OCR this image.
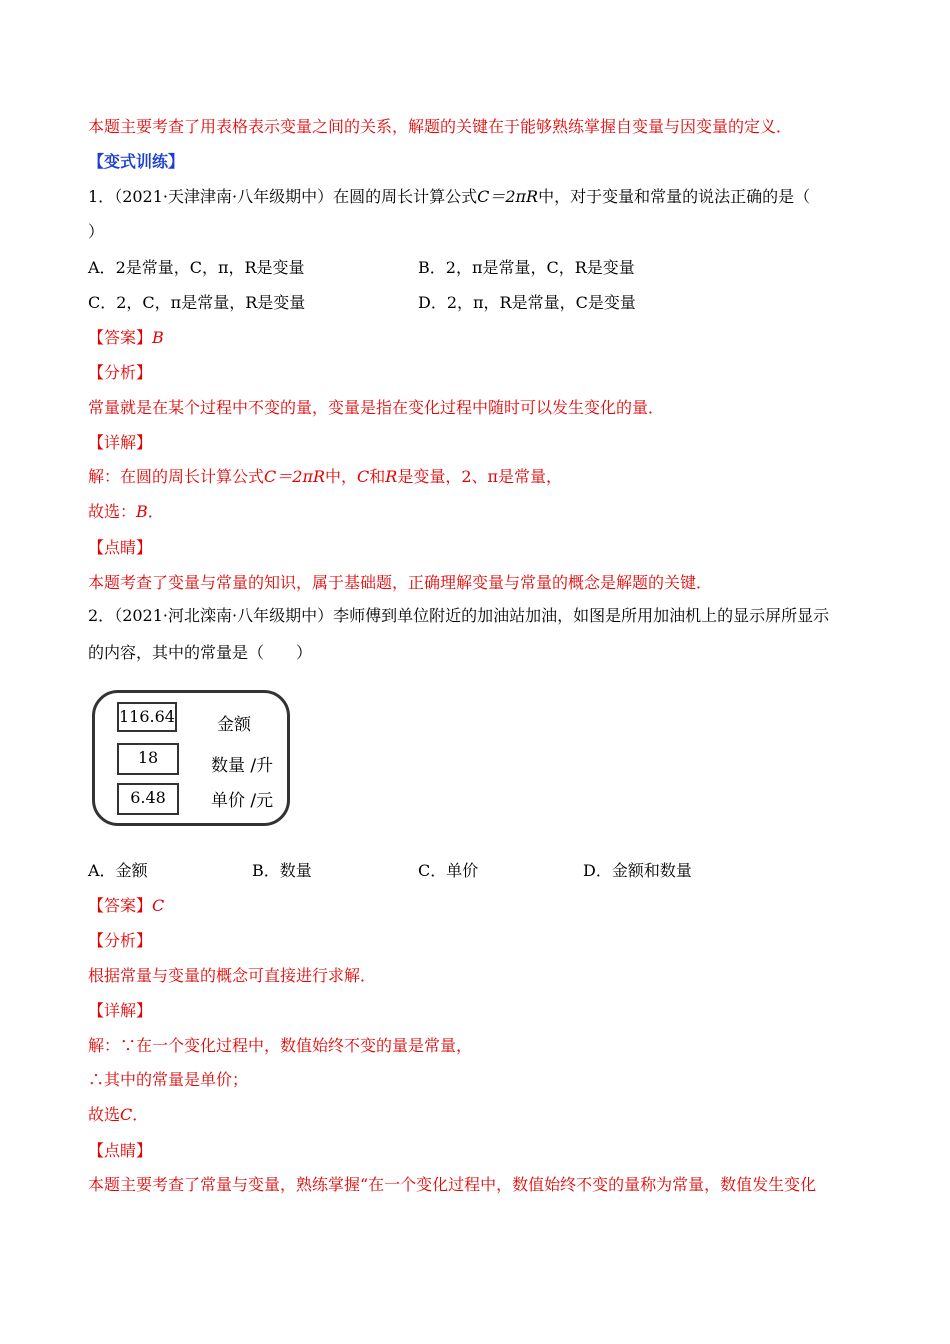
本题主要考查了用表格表示变量之间的关系，解题的关键在于能够熟练掌握自变量与因变量的定义．
【变式训练】
1．（2021·天津津南·八年级期中）在圆的周长计算公式C＝2πR中，对于变量和常量的说法正确的是（
）
A．2是常量，C，π，R是变量	B．2，π是常量，C，R是变量
C．2，C，π是常量，R是变量	D．2，π，R是常量，C是变量
【答案】B
【分析】
常量就是在某个过程中不变的量，变量是指在变化过程中随时可以发生变化的量．
【详解】
解：在圆的周长计算公式C＝2πR中，C和R是变量，2、π是常量，
故选：B．
【点睛】
本题考查了变量与常量的知识，属于基础题，正确理解变量与常量的概念是解题的关键．
2．（2021·河北滦南·八年级期中）李师傅到单位附近的加油站加油，如图是所用加油机上的显示屏所显示
的内容，其中的常量是（　　）
116.64 金额
18	数量 /升
6.48	单价 /元
A．金额	B．数量	C．单价	D．金额和数量
【答案】C
【分析】
根据常量与变量的概念可直接进行求解．
【详解】
解：∵在一个变化过程中，数值始终不变的量是常量，
∴其中的常量是单价；
故选C．
【点睛】
本题主要考查了常量与变量，熟练掌握“在一个变化过程中，数值始终不变的量称为常量，数值发生变化
